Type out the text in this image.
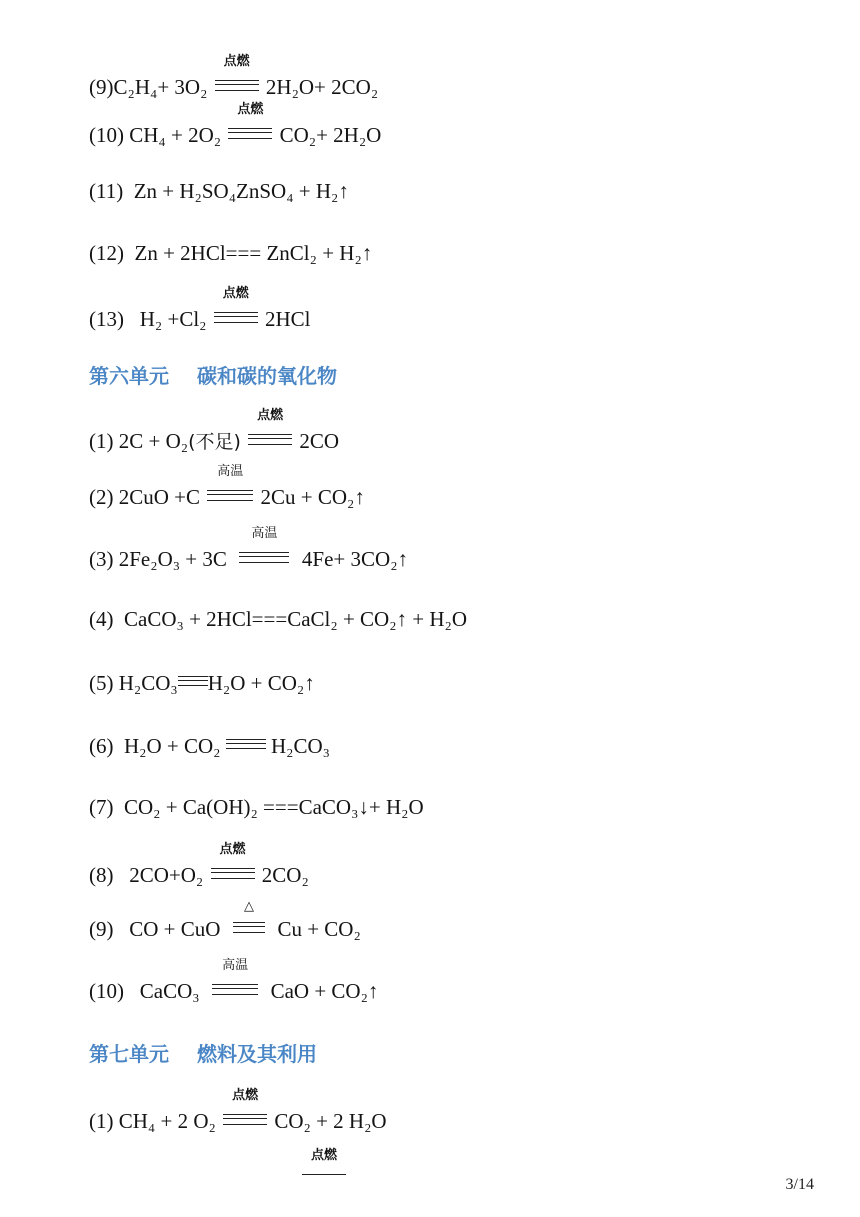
(9)C₂H₄+ 3O₂
点燃
2H₂O+ 2CO₂
(10) CH₄ + 2O₂
点燃
CO₂+ 2H₂O
(11) Zn + H₂SO₄ZnSO₄ + H₂↑
(12) Zn + 2HCl=== ZnCl₂ + H₂↑
(13) H₂ +Cl₂
点燃
2HCl
第六单元 碳和碳的氧化物
(1) 2C + O₂(不足)
点燃
2CO
(2) 2CuO +C
高温
2Cu + CO₂↑
(3) 2Fe₂O₃ + 3C
高温
4Fe+ 3CO₂↑
(4) CaCO₃ + 2HCl===CaCl₂ + CO₂↑ + H₂O
(5) H₂CO₃ H₂O + CO₂↑
(6) H₂O + CO₂ H₂CO₃
(7) CO₂ + Ca(OH)₂ ===CaCO₃↓+ H₂O
(8) 2CO+O₂
点燃
2CO₂
(9) CO + CuO
△
Cu + CO₂
(10) CaCO₃
高温
CaO + CO₂↑
第七单元 燃料及其利用
(1) CH₄ + 2 O₂
点燃
CO₂ + 2 H₂O
点燃
3/14
